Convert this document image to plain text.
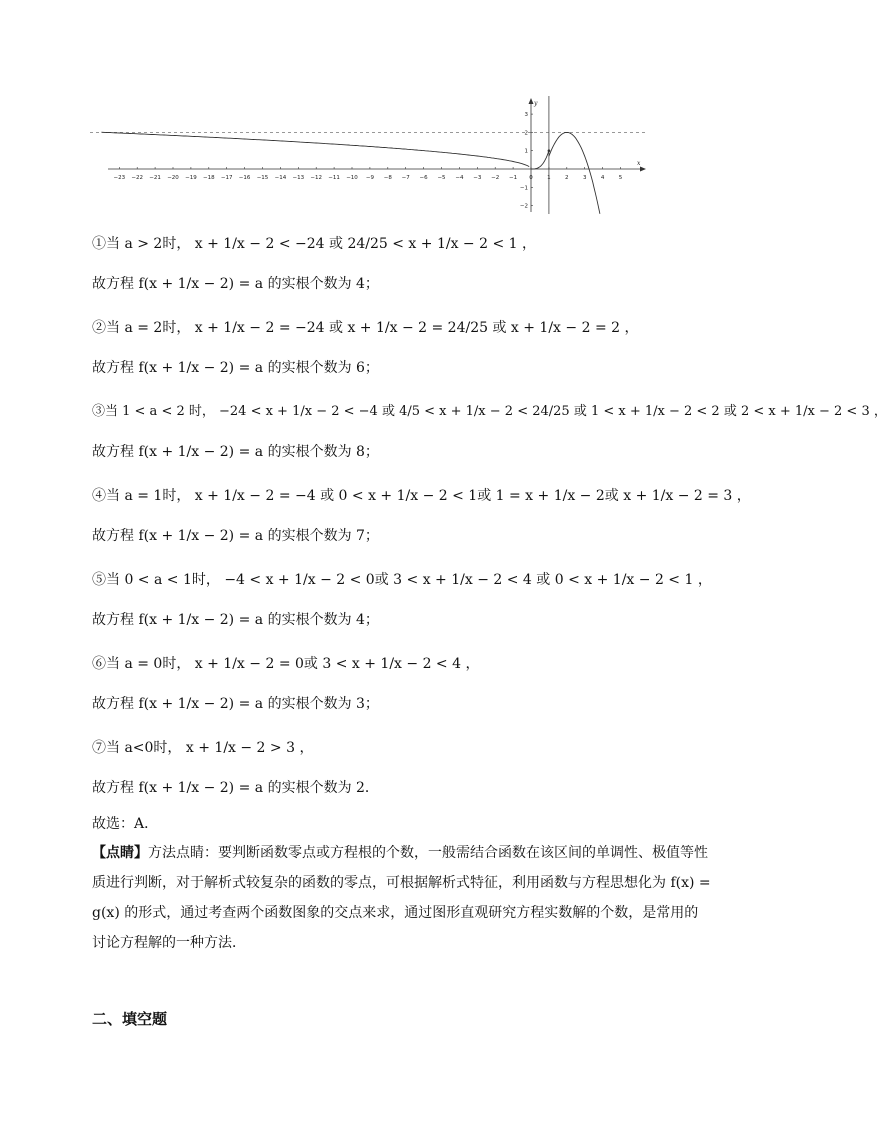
−23 −22 −21 −20 −19 −18 −17 −16 −15 −14 −13 −12 −11 −10 −9 −8 −7 −6 −5 −4 −3 −2 −1 0	1	2	3	4	5
3
2
1
−1
−2
x
y
①当 a > 2时， x + 1/x − 2 < −24 或 24/25 < x + 1/x − 2 < 1 ，
故方程 f(x + 1/x − 2) = a 的实根个数为 4；
②当 a = 2时， x + 1/x − 2 = −24 或 x + 1/x − 2 = 24/25 或 x + 1/x − 2 = 2 ，
故方程 f(x + 1/x − 2) = a 的实根个数为 6；
③当 1 < a < 2 时， −24 < x + 1/x − 2 < −4 或 4/5 < x + 1/x − 2 < 24/25 或 1 < x + 1/x − 2 < 2 或 2 < x + 1/x − 2 < 3 ，
故方程 f(x + 1/x − 2) = a 的实根个数为 8；
④当 a = 1时， x + 1/x − 2 = −4 或 0 < x + 1/x − 2 < 1或 1 = x + 1/x − 2或 x + 1/x − 2 = 3 ，
故方程 f(x + 1/x − 2) = a 的实根个数为 7；
⑤当 0 < a < 1时， −4 < x + 1/x − 2 < 0或 3 < x + 1/x − 2 < 4 或 0 < x + 1/x − 2 < 1 ，
故方程 f(x + 1/x − 2) = a 的实根个数为 4；
⑥当 a = 0时， x + 1/x − 2 = 0或 3 < x + 1/x − 2 < 4 ，
故方程 f(x + 1/x − 2) = a 的实根个数为 3；
⑦当 a<0时， x + 1/x − 2 > 3 ，
故方程 f(x + 1/x − 2) = a 的实根个数为 2．
故选：A．
【点睛】方法点睛：要判断函数零点或方程根的个数，一般需结合函数在该区间的单调性、极值等性质进行判断，对于解析式较复杂的函数的零点，可根据解析式特征，利用函数与方程思想化为 f(x) = g(x) 的形式，通过考查两个函数图象的交点来求，通过图形直观研究方程实数解的个数，是常用的讨论方程解的一种方法．
二、填空题
